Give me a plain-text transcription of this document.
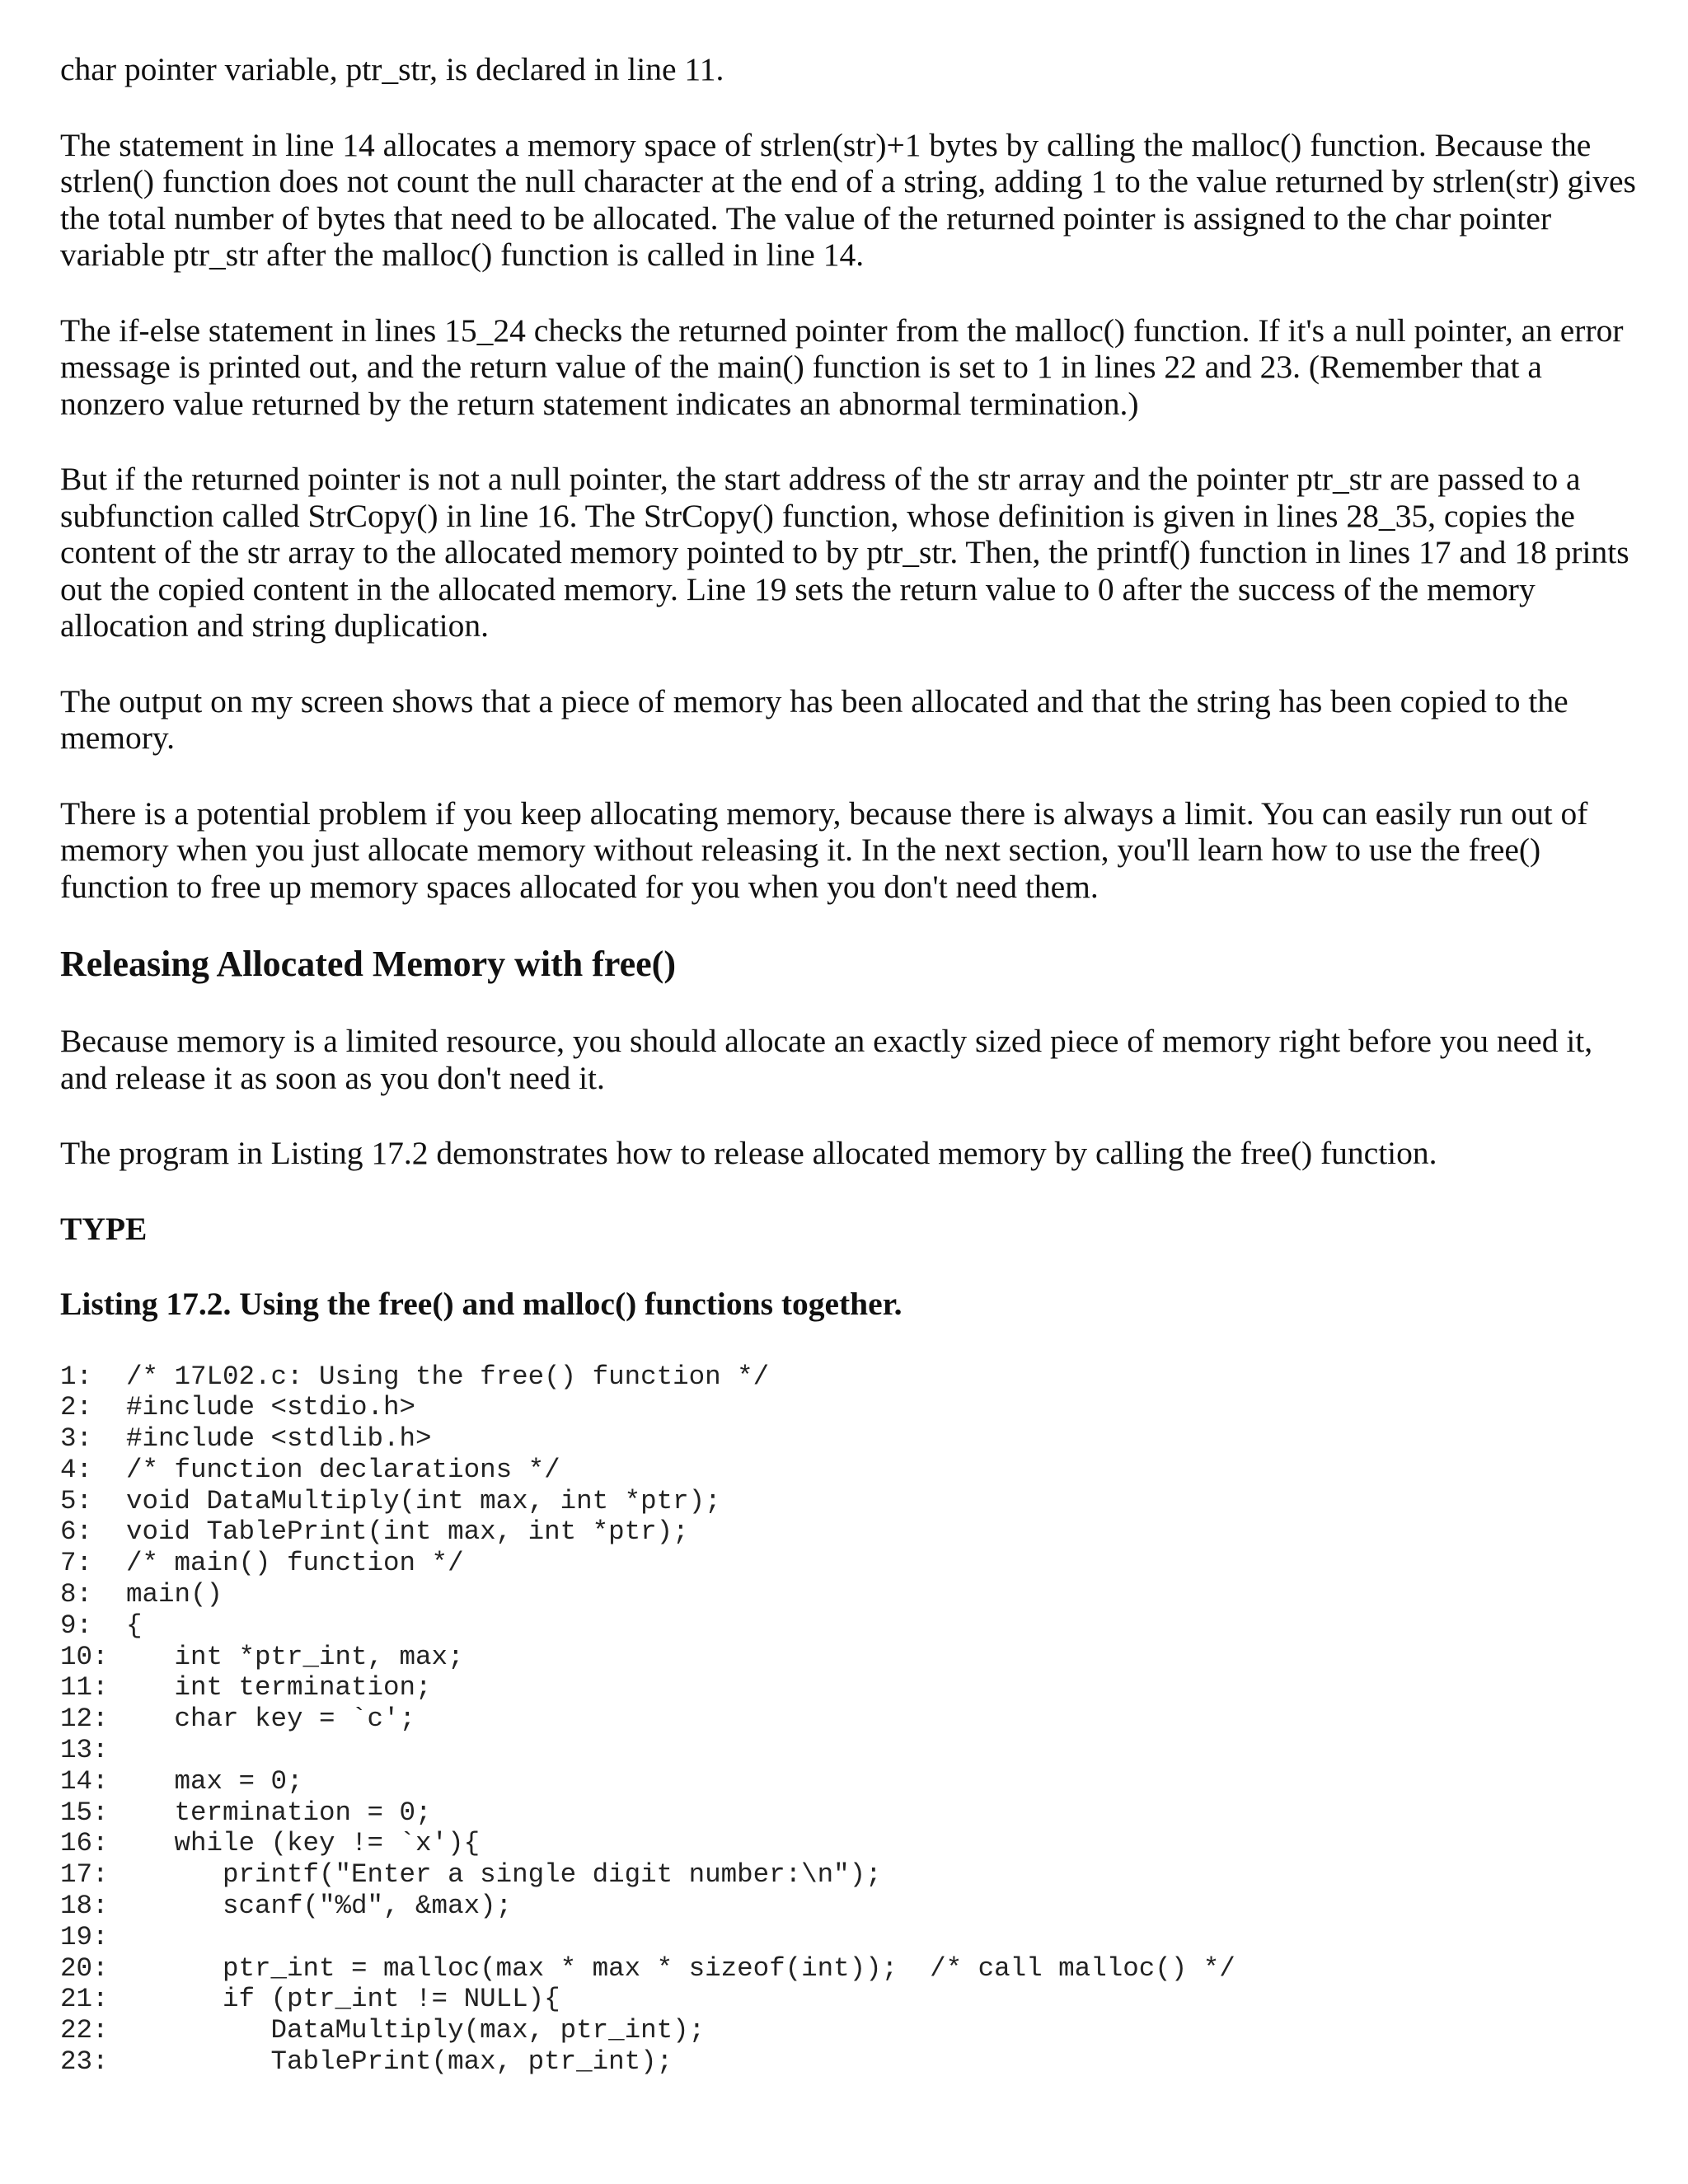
char pointer variable, ptr_str, is declared in line 11.

The statement in line 14 allocates a memory space of strlen(str)+1 bytes by calling the malloc() function. Because the strlen() function does not count the null character at the end of a string, adding 1 to the value returned by strlen(str) gives the total number of bytes that need to be allocated. The value of the returned pointer is assigned to the char pointer variable ptr_str after the malloc() function is called in line 14.

The if-else statement in lines 15_24 checks the returned pointer from the malloc() function. If it's a null pointer, an error message is printed out, and the return value of the main() function is set to 1 in lines 22 and 23. (Remember that a nonzero value returned by the return statement indicates an abnormal termination.)

But if the returned pointer is not a null pointer, the start address of the str array and the pointer ptr_str are passed to a subfunction called StrCopy() in line 16. The StrCopy() function, whose definition is given in lines 28_35, copies the content of the str array to the allocated memory pointed to by ptr_str. Then, the printf() function in lines 17 and 18 prints out the copied content in the allocated memory. Line 19 sets the return value to 0 after the success of the memory allocation and string duplication.

The output on my screen shows that a piece of memory has been allocated and that the string has been copied to the memory.

There is a potential problem if you keep allocating memory, because there is always a limit. You can easily run out of memory when you just allocate memory without releasing it. In the next section, you'll learn how to use the free() function to free up memory spaces allocated for you when you don't need them.

Releasing Allocated Memory with free()

Because memory is a limited resource, you should allocate an exactly sized piece of memory right before you need it, and release it as soon as you don't need it.

The program in Listing 17.2 demonstrates how to release allocated memory by calling the free() function.

TYPE

Listing 17.2. Using the free() and malloc() functions together.

1:	/* 17L02.c: Using the free() function */
2:	#include <stdio.h>
3:	#include <stdlib.h>
4:	/* function declarations */
5:	void DataMultiply(int max, int *ptr);
6:	void TablePrint(int max, int *ptr);
7:	/* main() function */
8:	main()
9:	{
10: int *ptr_int, max;
11: int termination;
12: char key = `c';
13:
14: max = 0;
15: termination = 0;
16: while (key != `x'){
17: printf("Enter a single digit number:\n");
18: scanf("%d", &max);
19:
20: ptr_int = malloc(max * max * sizeof(int));  /* call malloc() */
21: if (ptr_int != NULL){
22: DataMultiply(max, ptr_int);
23: TablePrint(max, ptr_int);
